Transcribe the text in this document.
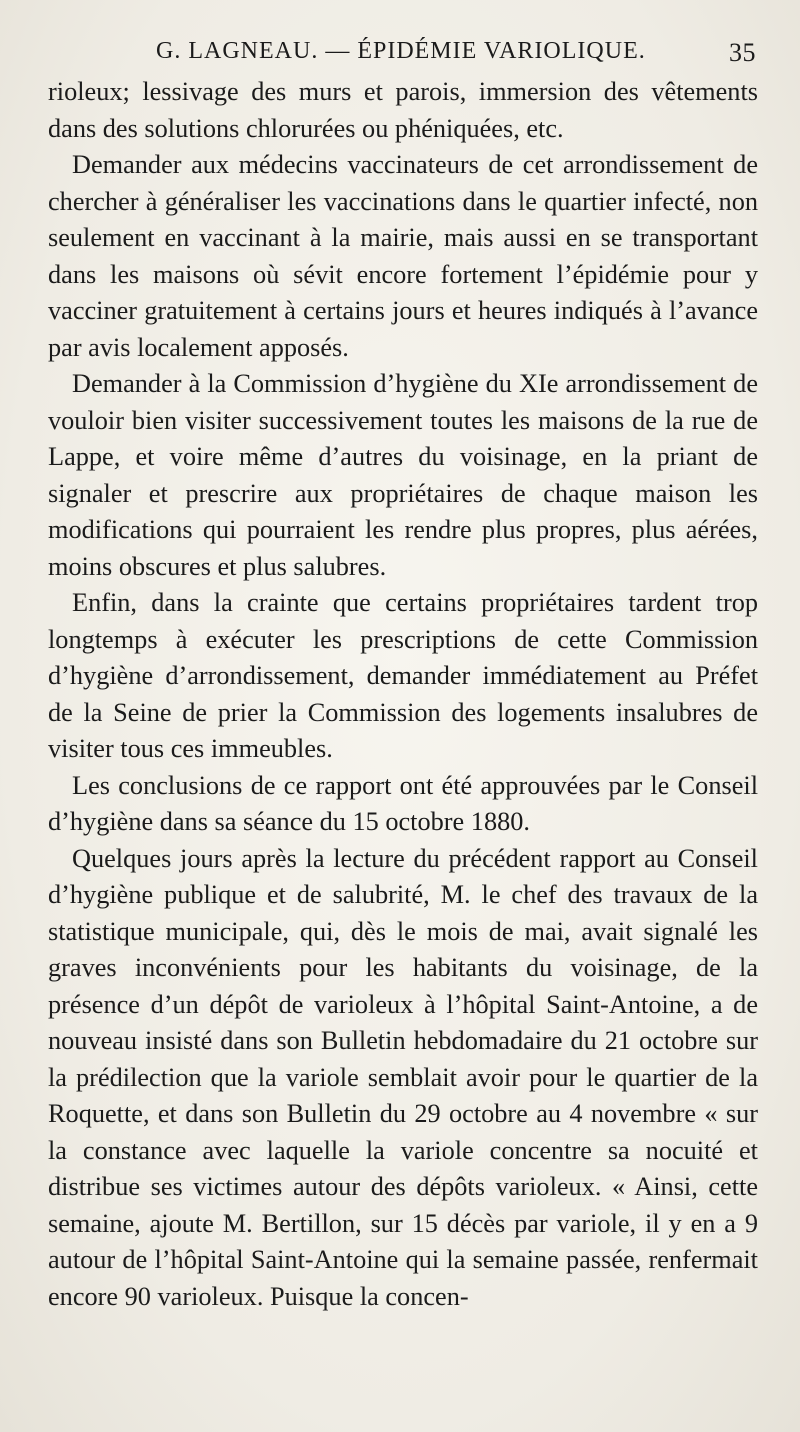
G. LAGNEAU. — ÉPIDÉMIE VARIOLIQUE.	35

rioleux; lessivage des murs et parois, immersion des vêtements dans des solutions chlorurées ou phéniquées, etc.

Demander aux médecins vaccinateurs de cet arrondissement de chercher à généraliser les vaccinations dans le quartier infecté, non seulement en vaccinant à la mairie, mais aussi en se transportant dans les maisons où sévit encore fortement l’épidémie pour y vacciner gratuitement à certains jours et heures indiqués à l’avance par avis localement apposés.

Demander à la Commission d’hygiène du XIe arrondissement de vouloir bien visiter successivement toutes les maisons de la rue de Lappe, et voire même d’autres du voisinage, en la priant de signaler et prescrire aux propriétaires de chaque maison les modifications qui pourraient les rendre plus propres, plus aérées, moins obscures et plus salubres.

Enfin, dans la crainte que certains propriétaires tardent trop longtemps à exécuter les prescriptions de cette Commission d’hygiène d’arrondissement, demander immédiatement au Préfet de la Seine de prier la Commission des logements insalubres de visiter tous ces immeubles.

Les conclusions de ce rapport ont été approuvées par le Conseil d’hygiène dans sa séance du 15 octobre 1880.

Quelques jours après la lecture du précédent rapport au Conseil d’hygiène publique et de salubrité, M. le chef des travaux de la statistique municipale, qui, dès le mois de mai, avait signalé les graves inconvénients pour les habitants du voisinage, de la présence d’un dépôt de varioleux à l’hôpital Saint-Antoine, a de nouveau insisté dans son Bulletin hebdomadaire du 21 octobre sur la prédilection que la variole semblait avoir pour le quartier de la Roquette, et dans son Bulletin du 29 octobre au 4 novembre « sur la constance avec laquelle la variole concentre sa nocuité et distribue ses victimes autour des dépôts varioleux. « Ainsi, cette semaine, ajoute M. Bertillon, sur 15 décès par variole, il y en a 9 autour de l’hôpital Saint-Antoine qui la semaine passée, renfermait encore 90 varioleux. Puisque la concen-
